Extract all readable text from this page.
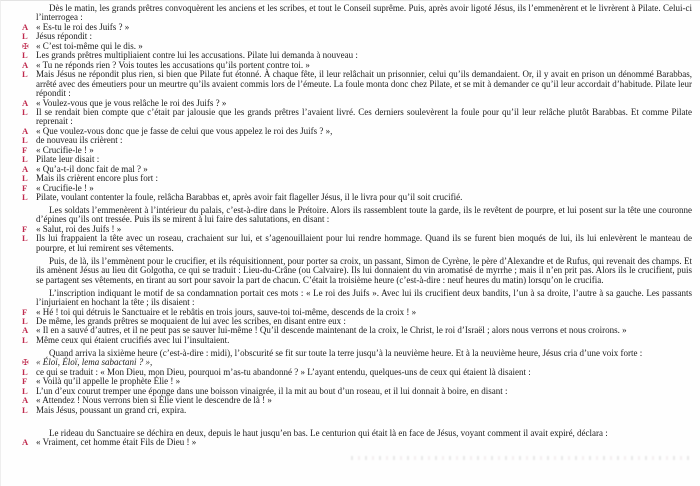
Dès le matin, les grands prêtres convoquèrent les anciens et les scribes, et tout le Conseil suprême. Puis, après avoir ligoté Jésus, ils l’emmenèrent et le livrèrent à Pilate. Celui-ci l’interrogea :
A « Es-tu le roi des Juifs ? »
L Jésus répondit :
✠ « C’est toi-même qui le dis. »
L Les grands prêtres multipliaient contre lui les accusations. Pilate lui demanda à nouveau :
A « Tu ne réponds rien ? Vois toutes les accusations qu’ils portent contre toi. »
L Mais Jésus ne répondit plus rien, si bien que Pilate fut étonné. À chaque fête, il leur relâchait un prisonnier, celui qu’ils demandaient. Or, il y avait en prison un dénommé Barabbas, arrêté avec des émeutiers pour un meurtre qu’ils avaient commis lors de l’émeute. La foule monta donc chez Pilate, et se mit à demander ce qu’il leur accordait d’habitude. Pilate leur répondit :
A « Voulez-vous que je vous relâche le roi des Juifs ? »
L Il se rendait bien compte que c’était par jalousie que les grands prêtres l’avaient livré. Ces derniers soulevèrent la foule pour qu’il leur relâche plutôt Barabbas. Et comme Pilate reprenait :
A « Que voulez-vous donc que je fasse de celui que vous appelez le roi des Juifs ? »,
L de nouveau ils crièrent :
F « Crucifie-le ! »
L Pilate leur disait :
A « Qu’a-t-il donc fait de mal ? »
L Mais ils crièrent encore plus fort :
F « Crucifie-le ! »
L Pilate, voulant contenter la foule, relâcha Barabbas et, après avoir fait flageller Jésus, il le livra pour qu’il soit crucifié.
Les soldats l’emmenèrent à l’intérieur du palais, c’est-à-dire dans le Prétoire. Alors ils rassemblent toute la garde, ils le revêtent de pourpre, et lui posent sur la tête une couronne d’épines qu’ils ont tressée. Puis ils se mirent à lui faire des salutations, en disant :
F « Salut, roi des Juifs ! »
L Ils lui frappaient la tête avec un roseau, crachaient sur lui, et s’agenouillaient pour lui rendre hommage. Quand ils se furent bien moqués de lui, ils lui enlevèrent le manteau de pourpre, et lui remirent ses vêtements.
Puis, de là, ils l’emmènent pour le crucifier, et ils réquisitionnent, pour porter sa croix, un passant, Simon de Cyrène, le père d’Alexandre et de Rufus, qui revenait des champs. Et ils amènent Jésus au lieu dit Golgotha, ce qui se traduit : Lieu-du-Crâne (ou Calvaire). Ils lui donnaient du vin aromatisé de myrrhe ; mais il n’en prit pas. Alors ils le crucifient, puis se partagent ses vêtements, en tirant au sort pour savoir la part de chacun. C’était la troisième heure (c’est-à-dire : neuf heures du matin) lorsqu’on le crucifia.
L’inscription indiquant le motif de sa condamnation portait ces mots : « Le roi des Juifs ». Avec lui ils crucifient deux bandits, l’un à sa droite, l’autre à sa gauche. Les passants l’injuriaient en hochant la tête ; ils disaient :
F « Hé ! toi qui détruis le Sanctuaire et le rebâtis en trois jours, sauve-toi toi-même, descends de la croix ! »
L De même, les grands prêtres se moquaient de lui avec les scribes, en disant entre eux :
A « Il en a sauvé d’autres, et il ne peut pas se sauver lui-même ! Qu’il descende maintenant de la croix, le Christ, le roi d’Israël ; alors nous verrons et nous croirons. »
L Même ceux qui étaient crucifiés avec lui l’insultaient.
Quand arriva la sixième heure (c’est-à-dire : midi), l’obscurité se fit sur toute la terre jusqu’à la neuvième heure. Et à la neuvième heure, Jésus cria d’une voix forte :
✠ « Éloï, Éloï, lema sabactani ? »,
L ce qui se traduit : « Mon Dieu, mon Dieu, pourquoi m’as-tu abandonné ? » L’ayant entendu, quelques-uns de ceux qui étaient là disaient :
F « Voilà qu’il appelle le prophète Élie ! »
L L’un d’eux courut tremper une éponge dans une boisson vinaigrée, il la mit au bout d’un roseau, et il lui donnait à boire, en disant :
A « Attendez ! Nous verrons bien si Élie vient le descendre de là ! »
L Mais Jésus, poussant un grand cri, expira.
Le rideau du Sanctuaire se déchira en deux, depuis le haut jusqu’en bas. Le centurion qui était là en face de Jésus, voyant comment il avait expiré, déclara :
A « Vraiment, cet homme était Fils de Dieu ! »
